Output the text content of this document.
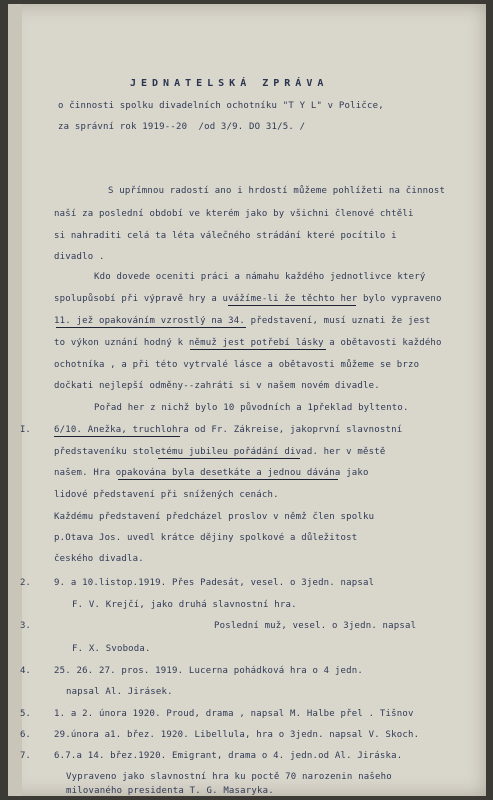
JEDNATELSKÁ ZPRÁVA
o činnosti spolku divadelních ochotníku "T Y L" v Poličce,
za správní rok 1919--20  /od 3/9. DO 31/5. /
S upřímnou radostí ano i hrdostí můžeme pohlížeti na činnost
naší za poslední období ve kterém jako by všichni členové chtěli
si nahraditi celá ta léta válečného strádání které pocítilo i
divadlo .
Kdo dovede oceniti práci a námahu každého jednotlivce který
spolupůsobí při výpravě hry a uvážíme-li že těchto her bylo vypraveno
11. jež opakováním vzrostlý na 34. představení, musí uznati že jest
to výkon uznání hodný k němuž jest potřebí lásky a obětavosti každého
ochotníka , a při této vytrvalé lásce a obětavosti můžeme se brzo
dočkati nejlepší odměny--zahráti si v našem novém divadle.
Pořad her z nichž bylo 10 původních a 1překlad byltento.
I.	6/10. Anežka, truchlohra od Fr. Zákreise, jakoprvní slavnostní
představeníku stoletému jubileu pořádání divad. her v městě
našem. Hra opakována byla desetkáte a jednou dávána jako
lidové představení při snížených cenách.
Každému představení předcházel proslov v němž člen spolku
p.Otava Jos. uvedl krátce dějiny spolkové a důležitost
českého divadla.
2.	9. a 10.listop.1919. Přes Padesát, vesel. o 3jedn. napsal
F. V. Krejčí, jako druhá slavnostní hra.
3.	Poslední muž, vesel. o 3jedn. napsal
F. X. Svoboda.
4.	25. 26. 27. pros. 1919. Lucerna pohádková hra o 4 jedn.
napsal Al. Jirásek.
5.	1. a 2. února 1920. Proud, drama , napsal M. Halbe přel . Tišnov
6.	29.února a1. břez. 1920. Libellula, hra o 3jedn. napsal V. Skoch.
7.	6.7.a 14. břez.1920. Emigrant, drama o 4. jedn.od Al. Jiráska.
Vypraveno jako slavnostní hra ku poctě 70 narozenin našeho
milovaného presidenta T. G. Masaryka.
